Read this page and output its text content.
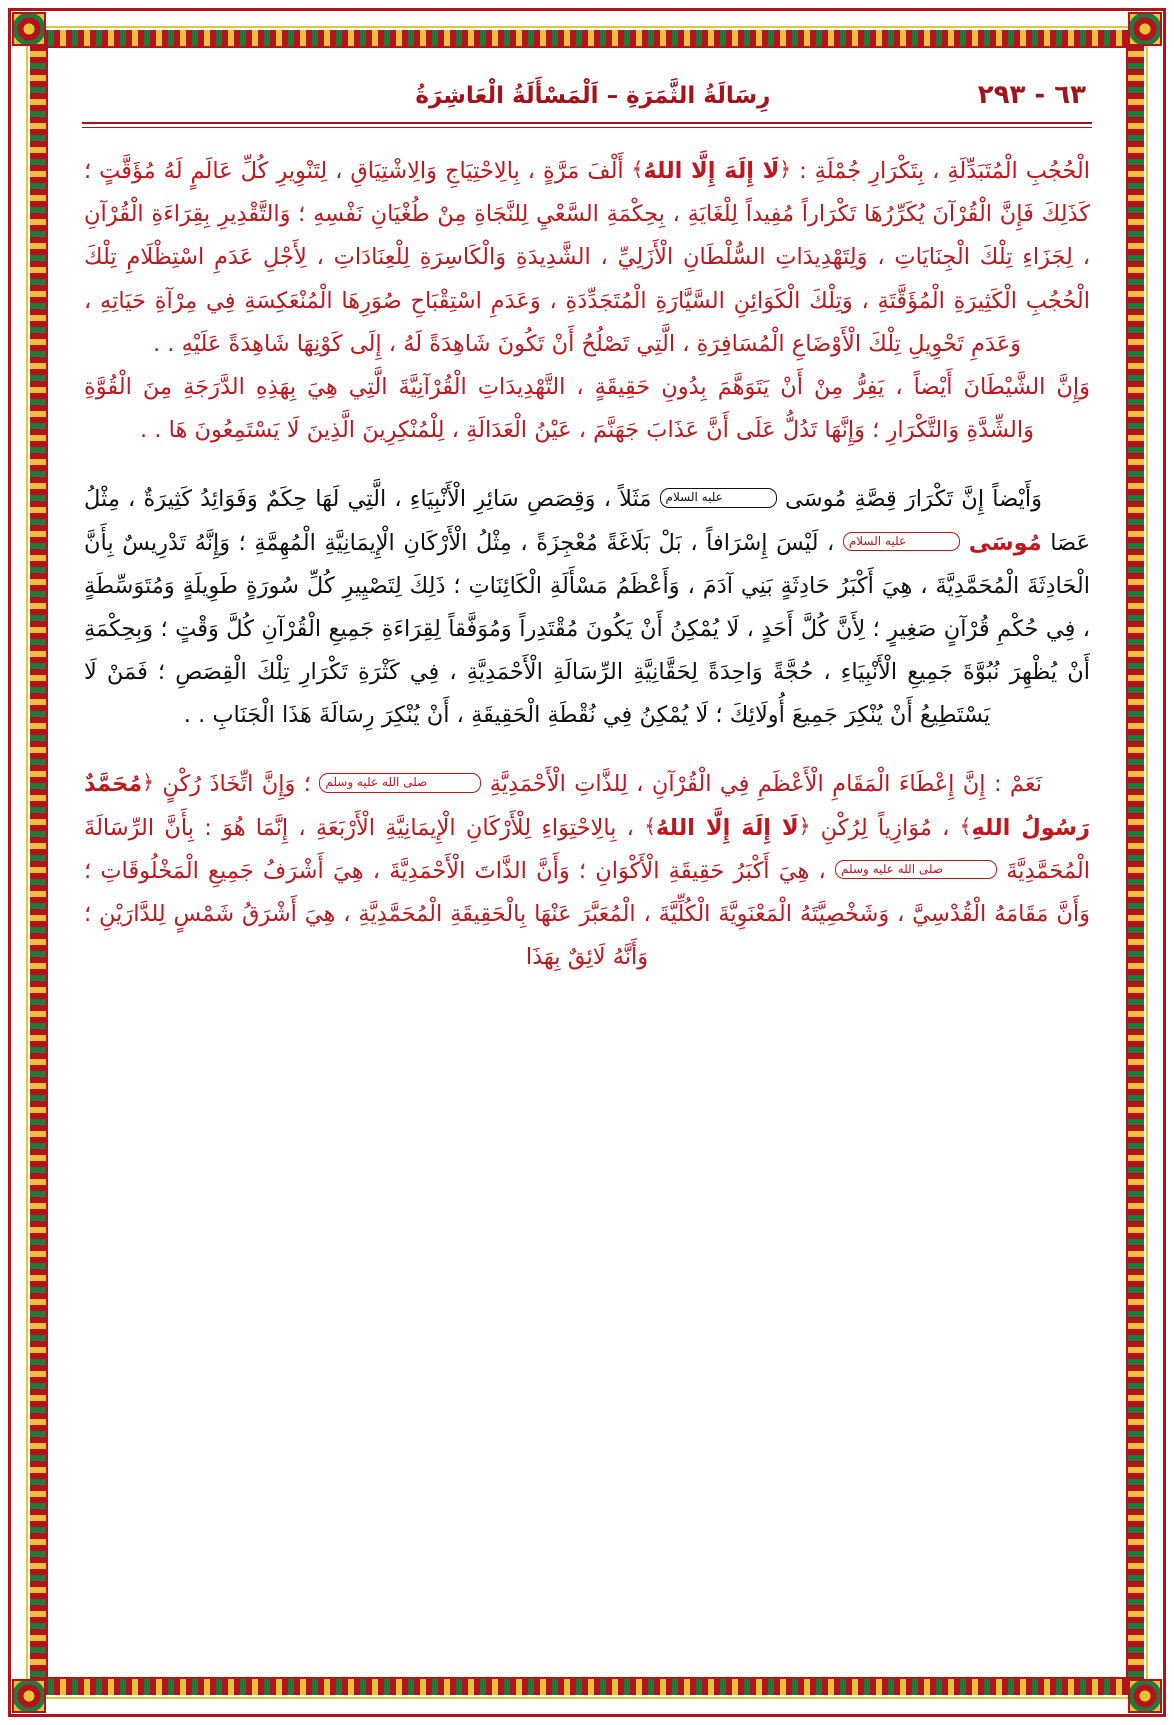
٦٣ - ٢٩٣
رِسَالَةُ الثَّمَرَةِ – اَلْمَسْأَلَةُ الْعَاشِرَةُ

الْحُجُبِ الْمُتَبَدِّلَةِ ، بِتَكْرَارِ جُمْلَةِ : ﴿لَا إِلَهَ إِلَّا اللهُ﴾ أَلْفَ مَرَّةٍ ، بِالِاحْتِيَاجِ وَالِاشْتِيَاقِ ، لِتَنْوِيرِ كُلِّ عَالَمٍ لَهُ مُؤَقَّتٍ ؛ كَذَلِكَ فَإِنَّ الْقُرْآنَ يُكَرِّرُهَا تَكْرَاراً مُفِيداً لِلْغَايَةِ ، بِحِكْمَةِ السَّعْيِ لِلنَّجَاةِ مِنْ طُغْيَانِ نَفْسِهِ ؛ وَالتَّقْدِيرِ بِقِرَاءَةِ الْقُرْآنِ ، لِجَزَاءِ تِلْكَ الْجِنَايَاتِ ، وَلِتَهْدِيدَاتِ السُّلْطَانِ الْأَزَلِيِّ ، الشَّدِيدَةِ وَالْكَاسِرَةِ لِلْعِنَادَاتِ ، لِأَجْلِ عَدَمِ اسْتِظْلَامِ تِلْكَ الْحُجُبِ الْكَثِيرَةِ الْمُؤَقَّتَةِ ، وَتِلْكَ الْكَوَائِنِ السَّيَّارَةِ الْمُتَجَدِّدَةِ ، وَعَدَمِ اسْتِقْبَاحِ صُوَرِهَا الْمُنْعَكِسَةِ فِي مِرْآةِ حَيَاتِهِ ، وَعَدَمِ تَحْوِيلِ تِلْكَ الْأَوْضَاعِ الْمُسَافِرَةِ ، الَّتِي تَصْلُحُ أَنْ تَكُونَ شَاهِدَةً لَهُ ، إِلَى كَوْنِهَا شَاهِدَةً عَلَيْهِ . .

وَإِنَّ الشَّيْطَانَ أَيْضاً ، يَفِرُّ مِنْ أَنْ يَتَوَهَّمَ بِدُونِ حَقِيقَةٍ ، التَّهْدِيدَاتِ الْقُرْآنِيَّةَ الَّتِي هِيَ بِهَذِهِ الدَّرَجَةِ مِنَ الْقُوَّةِ وَالشِّدَّةِ وَالتَّكْرَارِ ؛ وَإِنَّهَا تَدُلُّ عَلَى أَنَّ عَذَابَ جَهَنَّمَ ، عَيْنُ الْعَدَالَةِ ، لِلْمُنْكِرِينَ الَّذِينَ لَا يَسْتَمِعُونَ هَا . .

وَأَيْضاً إِنَّ تَكْرَارَ قِصَّةِ مُوسَى عليه السلام مَثَلاً ، وَقِصَصِ سَائِرِ الْأَنْبِيَاءِ ، الَّتِي لَهَا حِكَمٌ وَفَوَائِدُ كَثِيرَةٌ ، مِثْلُ عَصَا مُوسَى عليه السلام ، لَيْسَ إِسْرَافاً ، بَلْ بَلَاغَةً مُعْجِزَةً ، مِثْلُ الْأَرْكَانِ الْإِيمَانِيَّةِ الْمُهِمَّةِ ؛ وَإِنَّهُ تَدْرِيسٌ بِأَنَّ الْحَادِثَةَ الْمُحَمَّدِيَّةَ ، هِيَ أَكْبَرُ حَادِثَةٍ بَنِي آدَمَ ، وَأَعْظَمُ مَسْأَلَةِ الْكَائِنَاتِ ؛ ذَلِكَ لِتَصْيِيرِ كُلِّ سُورَةٍ طَوِيلَةٍ وَمُتَوَسِّطَةٍ ، فِي حُكْمِ قُرْآنٍ صَغِيرٍ ؛ لِأَنَّ كُلَّ أَحَدٍ ، لَا يُمْكِنُ أَنْ يَكُونَ مُقْتَدِراً وَمُوَفَّقاً لِقِرَاءَةِ جَمِيعِ الْقُرْآنِ كُلَّ وَقْتٍ ؛ وَبِحِكْمَةِ أَنْ يُظْهِرَ نُبُوَّةَ جَمِيعِ الْأَنْبِيَاءِ ، حُجَّةً وَاحِدَةً لِحَقَّانِيَّةِ الرِّسَالَةِ الْأَحْمَدِيَّةِ ، فِي كَثْرَةِ تَكْرَارِ تِلْكَ الْقِصَصِ ؛ فَمَنْ لَا يَسْتَطِيعُ أَنْ يُنْكِرَ جَمِيعَ أُولَائِكَ ؛ لَا يُمْكِنُ فِي نُقْطَةِ الْحَقِيقَةِ ، أَنْ يُنْكِرَ رِسَالَةَ هَذَا الْجَنَابِ . .

نَعَمْ : إِنَّ إِعْطَاءَ الْمَقَامِ الْأَعْظَمِ فِي الْقُرْآنِ ، لِلذَّاتِ الْأَحْمَدِيَّةِ صلى الله عليه وسلم ؛ وَإِنَّ اتِّخَاذَ رُكْنٍ ﴿مُحَمَّدٌ رَسُولُ اللهِ﴾ ، مُوَازِياً لِرُكْنِ ﴿لَا إِلَهَ إِلَّا اللهُ﴾ ، بِالِاحْتِوَاءِ لِلْأَرْكَانِ الْإِيمَانِيَّةِ الْأَرْبَعَةِ ، إِنَّمَا هُوَ : بِأَنَّ الرِّسَالَةَ الْمُحَمَّدِيَّةَ صلى الله عليه وسلم ، هِيَ أَكْبَرُ حَقِيقَةِ الْأَكْوَانِ ؛ وَأَنَّ الذَّاتَ الْأَحْمَدِيَّةَ ، هِيَ أَشْرَفُ جَمِيعِ الْمَخْلُوقَاتِ ؛ وَأَنَّ مَقَامَهُ الْقُدْسِيَّ ، وَشَخْصِيَّتَهُ الْمَعْنَوِيَّةَ الْكُلِّيَّةَ ، الْمُعَبَّرَ عَنْهَا بِالْحَقِيقَةِ الْمُحَمَّدِيَّةِ ، هِيَ أَشْرَقُ شَمْسٍ لِلدَّارَيْنِ ؛ وَأَنَّهُ لَائِقٌ بِهَذَا
